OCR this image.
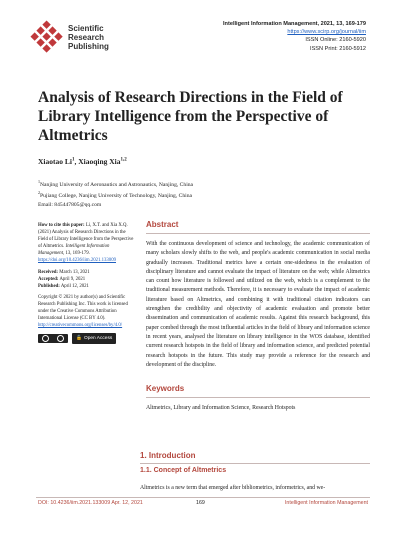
Scientific
Research
Publishing
Intelligent Information Management, 2021, 13, 169-179
https://www.scirp.org/journal/iim
ISSN Online: 2160-5920
ISSN Print: 2160-5912
Analysis of Research Directions in the Field of Library Intelligence from the Perspective of Altmetrics
Xiaotao Li$^1$, Xiaoqing Xia$^{1,2}$
$^1$Nanjing University of Aeronautics and Astronautics, Nanjing, China
$^2$Pujiang College, Nanjing University of Technology, Nanjing, China
Email: 845447805@qq.com

How to cite this paper: Li, X.T. and Xia X.Q. (2021) Analysis of Research Directions in the Field of Library Intelligence from the Perspective of Altmetrics. Intelligent Information Management, 13, 169-179. https://doi.org/10.4236/iim.2021.133009

Received: March 13, 2021

Accepted: April 9, 2021

Published: April 12, 2021

Copyright © 2021 by author(s) and Scientific Research Publishing Inc. This work is licensed under the Creative Commons Attribution International License (CC BY 4.0).
http://creativecommons.org/licenses/by/4.0/

🔓 Open Access
Abstract

With the continuous development of science and technology, the academic communication of many scholars slowly shifts to the web, and people's academic communication in social media gradually increases. Traditional metrics have a certain one-sidedness in the evaluation of disciplinary literature and cannot evaluate the impact of literature on the web; while Altmetrics can count how literature is followed and utilized on the web, which is a complement to the traditional measurement methods. Therefore, it is necessary to evaluate the impact of academic literature based on Altmetrics, and combining it with traditional citation indicators can strengthen the credibility and objectivity of academic evaluation and promote better dissemination and communication of academic results. Against this research background, this paper combed through the most influential articles in the field of library and information science in recent years, analysed the literature on library intelligence in the WOS database, identified current research hotspots in the field of library and information science, and predicted potential research hotspots in the future. This study may provide a reference for the research and development of the discipline.

Keywords

Altmetrics, Library and Information Science, Research Hotspots

1. Introduction
1.1. Concept of Altmetrics
Altmetrics is a new term that emerged after bibliometrics, informetrics, and we-
DOI: 10.4236/iim.2021.133009 Apr. 12, 2021	169	Intelligent Information Management
